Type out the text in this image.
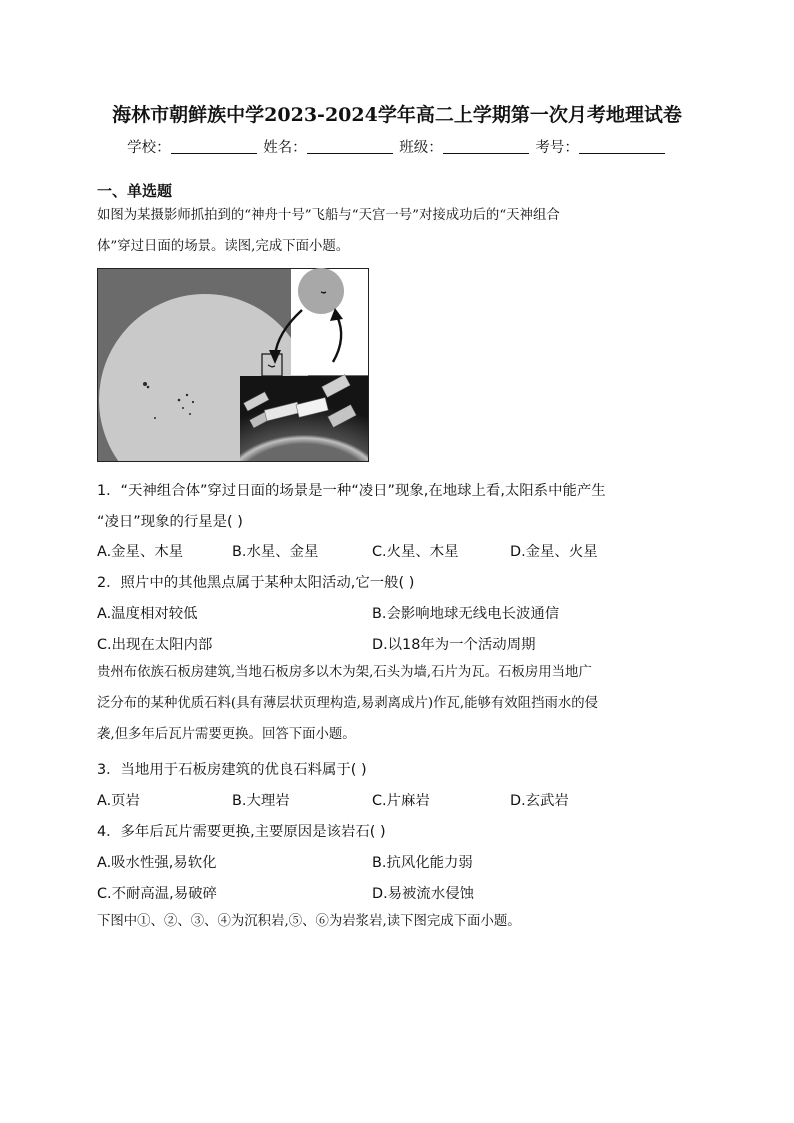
海林市朝鲜族中学2023-2024学年高二上学期第一次月考地理试卷
学校：	姓名：	班级：	考号：
一、单选题
如图为某摄影师抓拍到的“神舟十号”飞船与“天宫一号”对接成功后的“天神组合
体”穿过日面的场景。读图,完成下面小题。
1．“天神组合体”穿过日面的场景是一种“凌日”现象,在地球上看,太阳系中能产生
“凌日”现象的行星是( )
A.金星、木星	B.水星、金星	C.火星、木星	D.金星、火星
2．照片中的其他黑点属于某种太阳活动,它一般( )
A.温度相对较低	B.会影响地球无线电长波通信
C.出现在太阳内部	D.以18年为一个活动周期
贵州布依族石板房建筑,当地石板房多以木为架,石头为墙,石片为瓦。石板房用当地广
泛分布的某种优质石料(具有薄层状页理构造,易剥离成片)作瓦,能够有效阻挡雨水的侵
袭,但多年后瓦片需要更换。回答下面小题。
3．当地用于石板房建筑的优良石料属于( )
A.页岩	B.大理岩	C.片麻岩	D.玄武岩
4．多年后瓦片需要更换,主要原因是该岩石( )
A.吸水性强,易软化	B.抗风化能力弱
C.不耐高温,易破碎	D.易被流水侵蚀
下图中①、②、③、④为沉积岩,⑤、⑥为岩浆岩,读下图完成下面小题。
